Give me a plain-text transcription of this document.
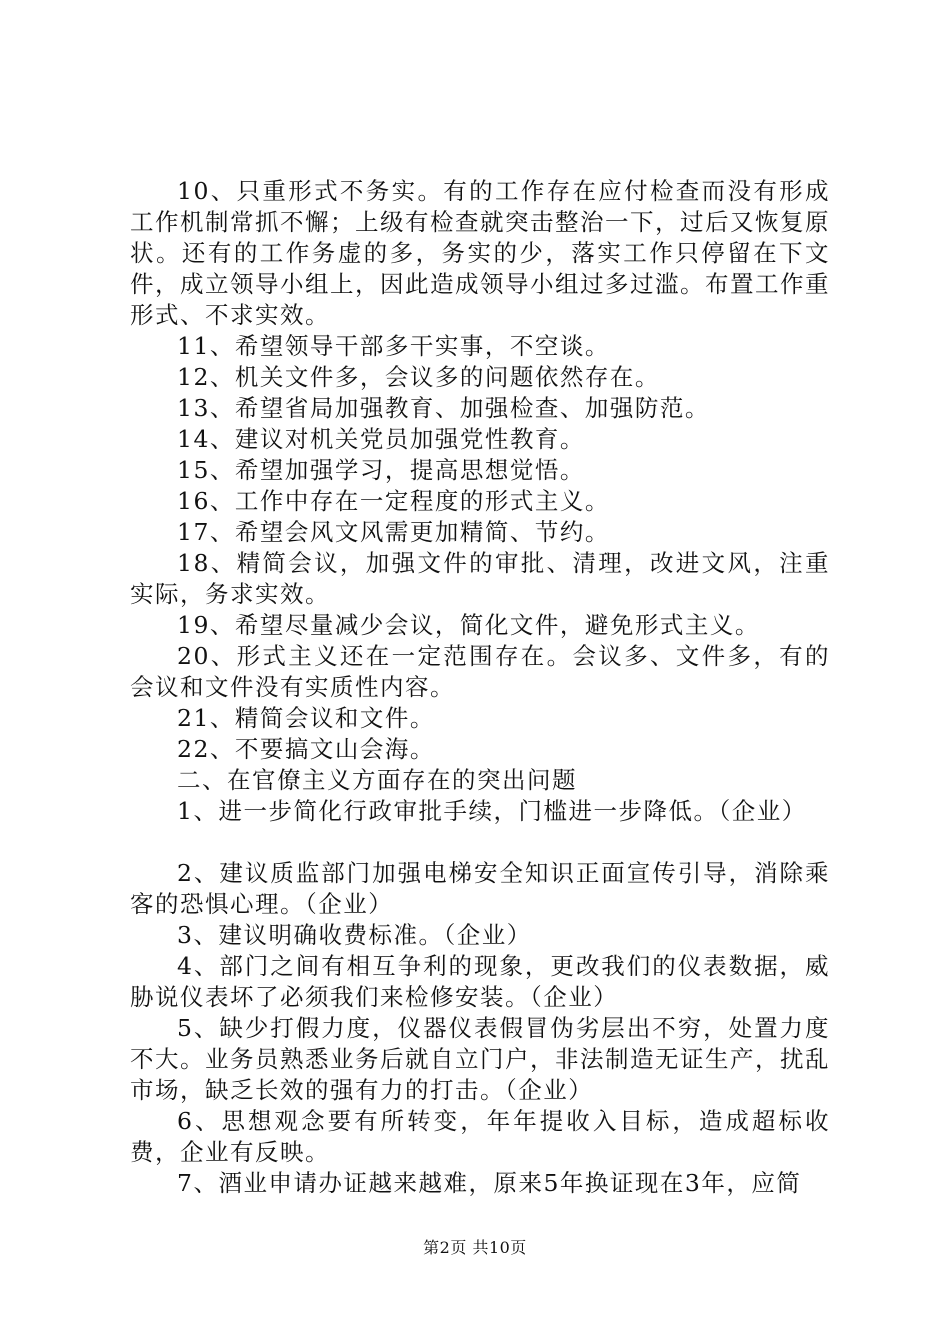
10、只重形式不务实。有的工作存在应付检查而没有形成工作机制常抓不懈；上级有检查就突击整治一下，过后又恢复原状。还有的工作务虚的多，务实的少，落实工作只停留在下文件，成立领导小组上，因此造成领导小组过多过滥。布置工作重形式、不求实效。

11、希望领导干部多干实事，不空谈。

12、机关文件多，会议多的问题依然存在。

13、希望省局加强教育、加强检查、加强防范。

14、建议对机关党员加强党性教育。

15、希望加强学习，提高思想觉悟。

16、工作中存在一定程度的形式主义。

17、希望会风文风需更加精简、节约。

18、精简会议，加强文件的审批、清理，改进文风，注重实际，务求实效。

19、希望尽量减少会议，简化文件，避免形式主义。

20、形式主义还在一定范围存在。会议多、文件多，有的会议和文件没有实质性内容。

21、精简会议和文件。

22、不要搞文山会海。

二、在官僚主义方面存在的突出问题

1、进一步简化行政审批手续，门槛进一步降低。（企业）

2、建议质监部门加强电梯安全知识正面宣传引导，消除乘客的恐惧心理。（企业）

3、建议明确收费标准。（企业）

4、部门之间有相互争利的现象，更改我们的仪表数据，威胁说仪表坏了必须我们来检修安装。（企业）

5、缺少打假力度，仪器仪表假冒伪劣层出不穷，处置力度不大。业务员熟悉业务后就自立门户，非法制造无证生产，扰乱市场，缺乏长效的强有力的打击。（企业）

6、思想观念要有所转变，年年提收入目标，造成超标收费，企业有反映。

7、酒业申请办证越来越难，原来5年换证现在3年，应简

第2页 共10页
